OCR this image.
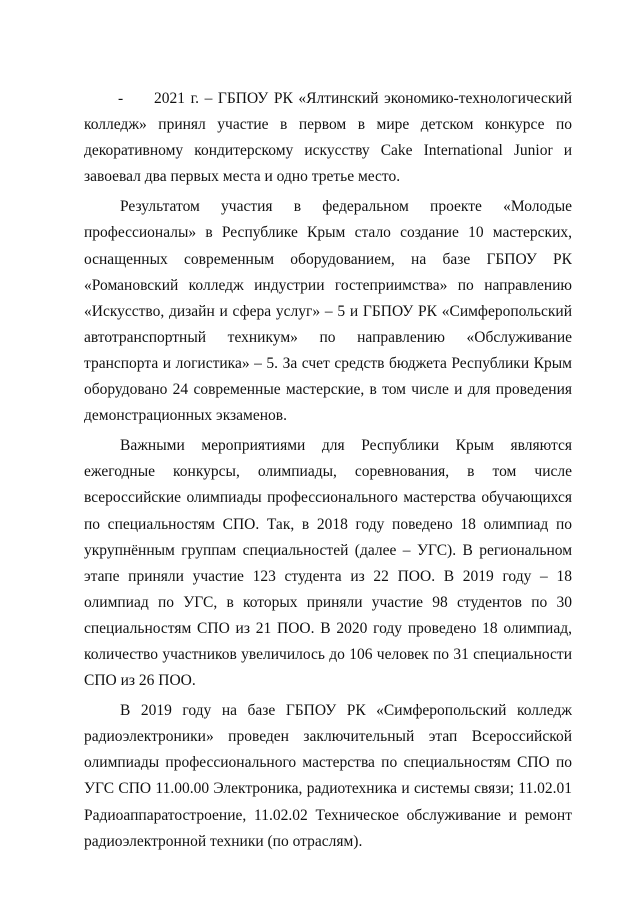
- 2021 г. – ГБПОУ РК «Ялтинский экономико-технологический колледж» принял участие в первом в мире детском конкурсе по декоративному кондитерскому искусству Cake International Junior и завоевал два первых места и одно третье место.

Результатом участия в федеральном проекте «Молодые профессионалы» в Республике Крым стало создание 10 мастерских, оснащенных современным оборудованием, на базе ГБПОУ РК «Романовский колледж индустрии гостеприимства» по направлению «Искусство, дизайн и сфера услуг» – 5 и ГБПОУ РК «Симферопольский автотранспортный техникум» по направлению «Обслуживание транспорта и логистика» – 5. За счет средств бюджета Республики Крым оборудовано 24 современные мастерские, в том числе и для проведения демонстрационных экзаменов.

Важными мероприятиями для Республики Крым являются ежегодные конкурсы, олимпиады, соревнования, в том числе всероссийские олимпиады профессионального мастерства обучающихся по специальностям СПО. Так, в 2018 году поведено 18 олимпиад по укрупнённым группам специальностей (далее – УГС). В региональном этапе приняли участие 123 студента из 22 ПОО. В 2019 году – 18 олимпиад по УГС, в которых приняли участие 98 студентов по 30 специальностям СПО из 21 ПОО. В 2020 году проведено 18 олимпиад, количество участников увеличилось до 106 человек по 31 специальности СПО из 26 ПОО.

В 2019 году на базе ГБПОУ РК «Симферопольский колледж радиоэлектроники» проведен заключительный этап Всероссийской олимпиады профессионального мастерства по специальностям СПО по УГС СПО 11.00.00 Электроника, радиотехника и системы связи; 11.02.01 Радиоаппаратостроение, 11.02.02 Техническое обслуживание и ремонт радиоэлектронной техники (по отраслям).
